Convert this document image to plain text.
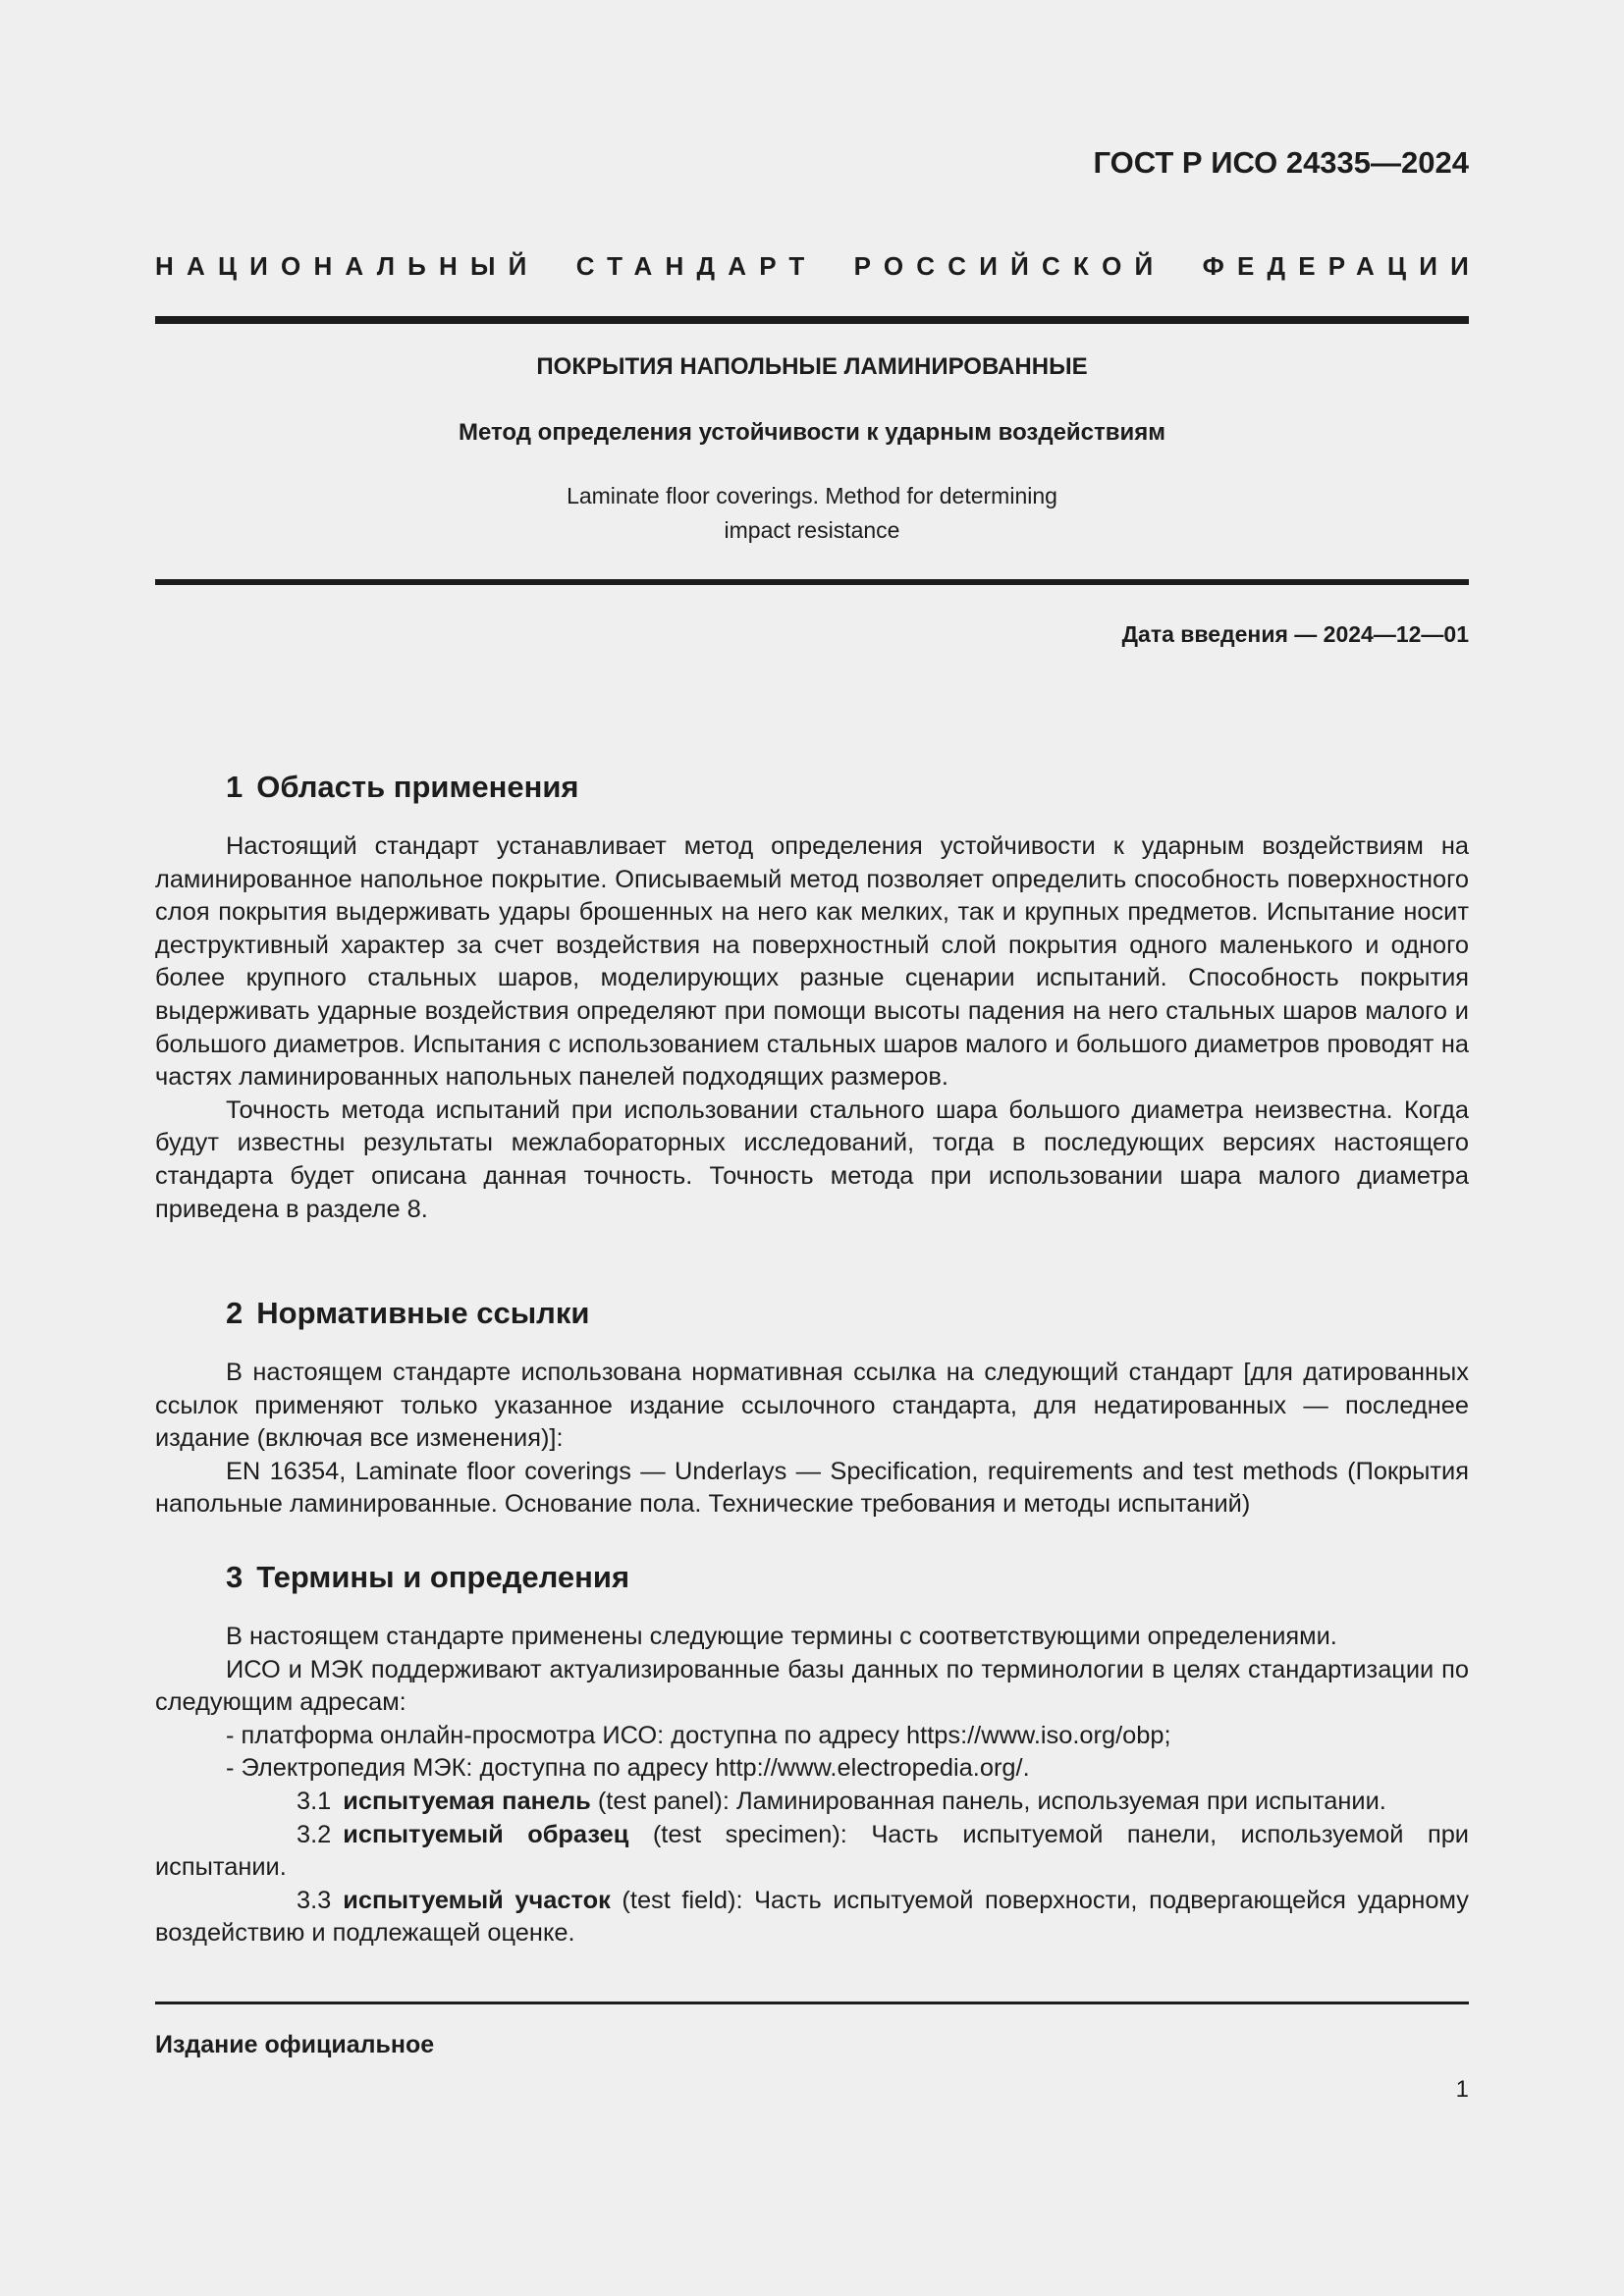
ГОСТ Р ИСО 24335—2024
НАЦИОНАЛЬНЫЙ СТАНДАРТ РОССИЙСКОЙ ФЕДЕРАЦИИ
ПОКРЫТИЯ НАПОЛЬНЫЕ ЛАМИНИРОВАННЫЕ
Метод определения устойчивости к ударным воздействиям
Laminate floor coverings. Method for determining
impact resistance
Дата введения — 2024—12—01
1 Область применения

Настоящий стандарт устанавливает метод определения устойчивости к ударным воздействиям на ламинированное напольное покрытие. Описываемый метод позволяет определить способность поверхностного слоя покрытия выдерживать удары брошенных на него как мелких, так и крупных предметов. Испытание носит деструктивный характер за счет воздействия на поверхностный слой покрытия одного маленького и одного более крупного стальных шаров, моделирующих разные сценарии испытаний. Способность покрытия выдерживать ударные воздействия определяют при помощи высоты падения на него стальных шаров малого и большого диаметров. Испытания с использованием стальных шаров малого и большого диаметров проводят на частях ламинированных напольных панелей подходящих размеров.

Точность метода испытаний при использовании стального шара большого диаметра неизвестна. Когда будут известны результаты межлабораторных исследований, тогда в последующих версиях настоящего стандарта будет описана данная точность. Точность метода при использовании шара малого диаметра приведена в разделе 8.

2 Нормативные ссылки

В настоящем стандарте использована нормативная ссылка на следующий стандарт [для датированных ссылок применяют только указанное издание ссылочного стандарта, для недатированных — последнее издание (включая все изменения)]:

EN 16354, Laminate floor coverings — Underlays — Specification, requirements and test methods (Покрытия напольные ламинированные. Основание пола. Технические требования и методы испытаний)

3 Термины и определения

В настоящем стандарте применены следующие термины с соответствующими определениями.

ИСО и МЭК поддерживают актуализированные базы данных по терминологии в целях стандартизации по следующим адресам:

- платформа онлайн-просмотра ИСО: доступна по адресу https://www.iso.org/obp;

- Электропедия МЭК: доступна по адресу http://www.electropedia.org/.

3.1 испытуемая панель (test panel): Ламинированная панель, используемая при испытании.

3.2 испытуемый образец (test specimen): Часть испытуемой панели, используемой при испытании.

3.3 испытуемый участок (test field): Часть испытуемой поверхности, подвергающейся ударному воздействию и подлежащей оценке.

Издание официальное
1
